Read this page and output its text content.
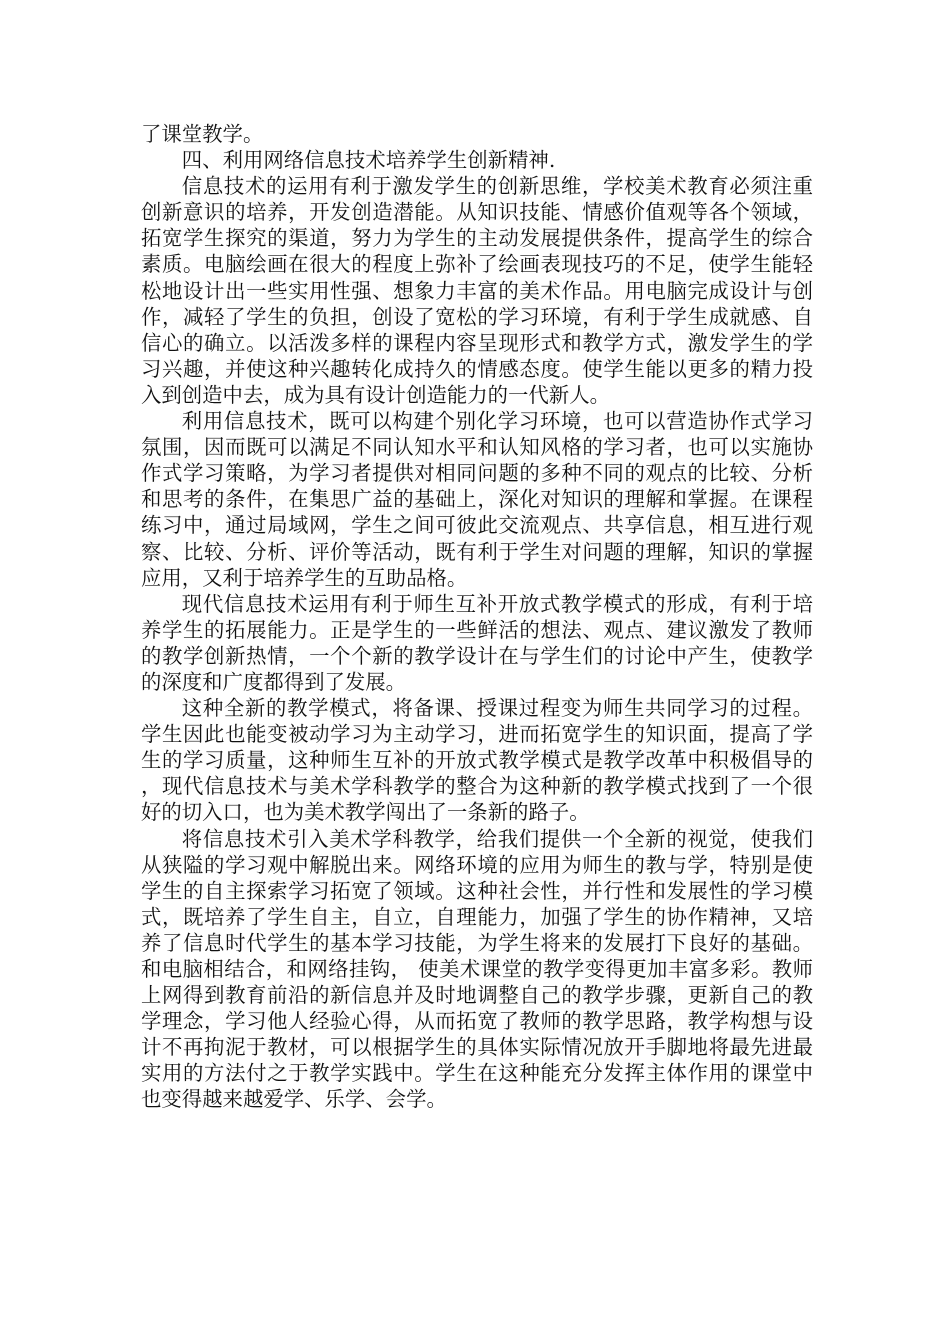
了课堂教学。

四、利用网络信息技术培养学生创新精神.

信息技术的运用有利于激发学生的创新思维，学校美术教育必须注重创新意识的培养，开发创造潜能。从知识技能、情感价值观等各个领域，拓宽学生探究的渠道，努力为学生的主动发展提供条件，提高学生的综合素质。电脑绘画在很大的程度上弥补了绘画表现技巧的不足，使学生能轻松地设计出一些实用性强、想象力丰富的美术作品。用电脑完成设计与创作，减轻了学生的负担，创设了宽松的学习环境，有利于学生成就感、自信心的确立。以活泼多样的课程内容呈现形式和教学方式，激发学生的学习兴趣，并使这种兴趣转化成持久的情感态度。使学生能以更多的精力投入到创造中去，成为具有设计创造能力的一代新人。

利用信息技术，既可以构建个别化学习环境，也可以营造协作式学习氛围，因而既可以满足不同认知水平和认知风格的学习者，也可以实施协作式学习策略，为学习者提供对相同问题的多种不同的观点的比较、分析和思考的条件，在集思广益的基础上，深化对知识的理解和掌握。在课程练习中，通过局域网，学生之间可彼此交流观点、共享信息，相互进行观察、比较、分析、评价等活动，既有利于学生对问题的理解，知识的掌握应用，又利于培养学生的互助品格。

现代信息技术运用有利于师生互补开放式教学模式的形成，有利于培养学生的拓展能力。正是学生的一些鲜活的想法、观点、建议激发了教师的教学创新热情，一个个新的教学设计在与学生们的讨论中产生，使教学的深度和广度都得到了发展。

这种全新的教学模式，将备课、授课过程变为师生共同学习的过程。学生因此也能变被动学习为主动学习，进而拓宽学生的知识面，提高了学生的学习质量，这种师生互补的开放式教学模式是教学改革中积极倡导的，现代信息技术与美术学科教学的整合为这种新的教学模式找到了一个很好的切入口，也为美术教学闯出了一条新的路子。

将信息技术引入美术学科教学，给我们提供一个全新的视觉，使我们从狭隘的学习观中解脱出来。网络环境的应用为师生的教与学，特别是使学生的自主探索学习拓宽了领域。这种社会性，并行性和发展性的学习模式，既培养了学生自主，自立，自理能力，加强了学生的协作精神，又培养了信息时代学生的基本学习技能，为学生将来的发展打下良好的基础。和电脑相结合，和网络挂钩， 使美术课堂的教学变得更加丰富多彩。教师上网得到教育前沿的新信息并及时地调整自己的教学步骤，更新自己的教学理念，学习他人经验心得，从而拓宽了教师的教学思路，教学构想与设计不再拘泥于教材，可以根据学生的具体实际情况放开手脚地将最先进最实用的方法付之于教学实践中。学生在这种能充分发挥主体作用的课堂中也变得越来越爱学、乐学、会学。
